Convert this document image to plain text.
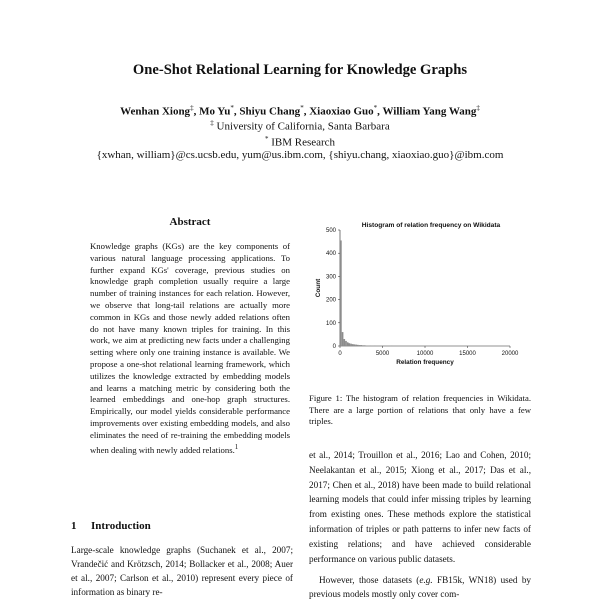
One-Shot Relational Learning for Knowledge Graphs
Wenhan Xiong‡, Mo Yu*, Shiyu Chang*, Xiaoxiao Guo*, William Yang Wang‡
‡ University of California, Santa Barbara
* IBM Research
{xwhan, william}@cs.ucsb.edu, yum@us.ibm.com, {shiyu.chang, xiaoxiao.guo}@ibm.com
Abstract
Knowledge graphs (KGs) are the key components of various natural language processing applications. To further expand KGs' coverage, previous studies on knowledge graph completion usually require a large number of training instances for each relation. However, we observe that long-tail relations are actually more common in KGs and those newly added relations often do not have many known triples for training. In this work, we aim at predicting new facts under a challenging setting where only one training instance is available. We propose a one-shot relational learning framework, which utilizes the knowledge extracted by embedding models and learns a matching metric by considering both the learned embeddings and one-hop graph structures. Empirically, our model yields considerable performance improvements over existing embedding models, and also eliminates the need of re-training the embedding models when dealing with newly added relations.$^1$
1 Introduction
Large-scale knowledge graphs (Suchanek et al., 2007; Vrandečić and Krötzsch, 2014; Bollacker et al., 2008; Auer et al., 2007; Carlson et al., 2010) represent every piece of information as binary re-
Histogram of relation frequency on Wikidata
0
100
200
300
400
500
0	5000	10000	15000	20000
Relation frequency
Count
Figure 1: The histogram of relation frequencies in Wikidata. There are a large portion of relations that only have a few triples.
et al., 2014; Trouillon et al., 2016; Lao and Cohen, 2010; Neelakantan et al., 2015; Xiong et al., 2017; Das et al., 2017; Chen et al., 2018) have been made to build relational learning models that could infer missing triples by learning from existing ones. These methods explore the statistical information of triples or path patterns to infer new facts of existing relations; and have achieved considerable performance on various public datasets.
However, those datasets (e.g. FB15k, WN18) used by previous models mostly only cover com-
